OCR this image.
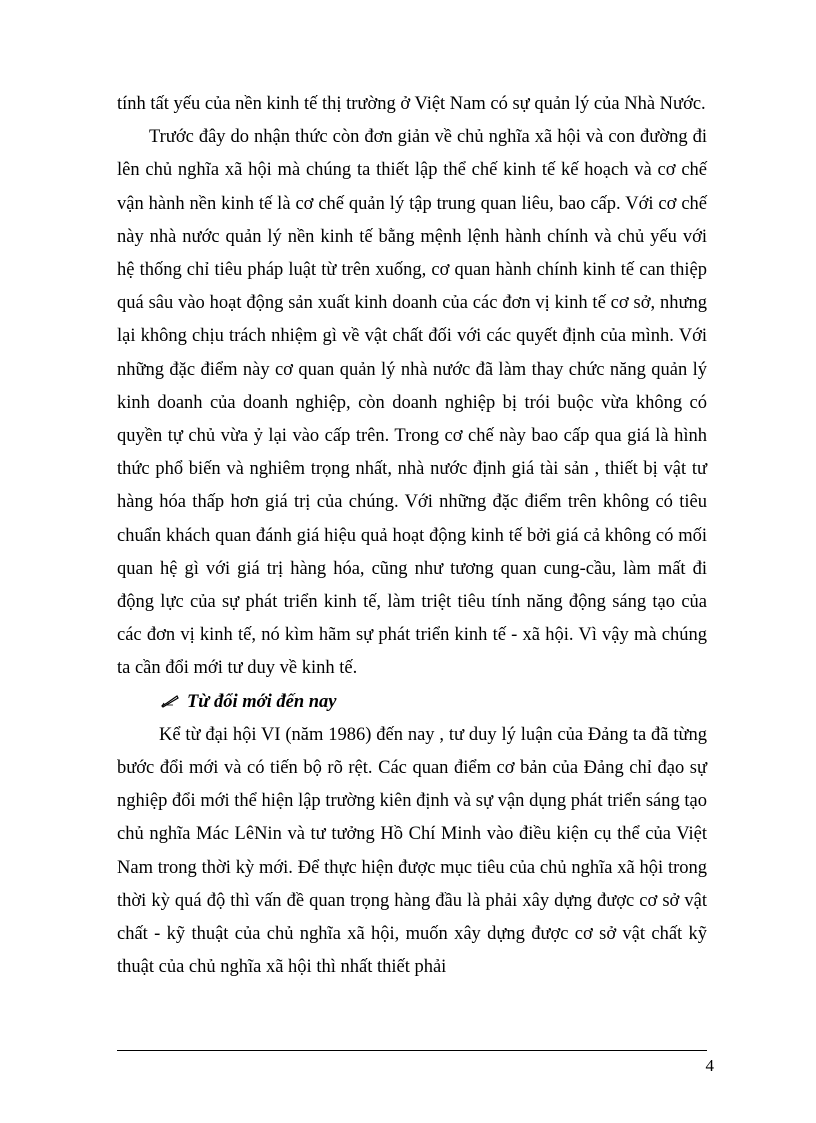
tính tất yếu của nền kinh tế thị trường ở Việt Nam có sự quản lý của Nhà Nước.

Trước đây do nhận thức còn đơn giản về chủ nghĩa xã hội và con đường đi lên chủ nghĩa xã hội mà chúng ta thiết lập thể chế kinh tế kế hoạch và cơ chế vận hành nền kinh tế là cơ chế quản lý tập trung quan liêu, bao cấp. Với cơ chế này nhà nước quản lý nền kinh tế bằng mệnh lệnh hành chính và chủ yếu với hệ thống chỉ tiêu pháp luật từ trên xuống, cơ quan hành chính kinh tế can thiệp quá sâu vào hoạt động sản xuất kinh doanh của các đơn vị kinh tế cơ sở, nhưng lại không chịu trách nhiệm gì về vật chất đối với các quyết định của mình. Với những đặc điểm này cơ quan quản lý nhà nước đã làm thay chức năng quản lý kinh doanh của doanh nghiệp, còn doanh nghiệp bị trói buộc vừa không có quyền tự chủ vừa ỷ lại vào cấp trên. Trong cơ chế này bao cấp qua giá là hình thức phổ biến và nghiêm trọng nhất, nhà nước định giá tài sản , thiết bị vật tư hàng hóa thấp hơn giá trị của chúng. Với những đặc điểm trên không có tiêu chuẩn khách quan đánh giá hiệu quả hoạt động kinh tế bởi giá cả không có mối quan hệ gì với giá trị hàng hóa, cũng như tương quan cung-cầu, làm mất đi động lực của sự phát triển kinh tế, làm triệt tiêu tính năng động sáng tạo của các đơn vị kinh tế, nó kìm hãm sự phát triển kinh tế - xã hội. Vì vậy mà chúng ta cần đổi mới tư duy về kinh tế.

Từ đổi mới đến nay

Kể từ đại hội VI (năm 1986) đến nay , tư duy lý luận của Đảng ta đã từng bước đổi mới và có tiến bộ rõ rệt. Các quan điểm cơ bản của Đảng chỉ đạo sự nghiệp đổi mới thể hiện lập trường kiên định và sự vận dụng phát triển sáng tạo chủ nghĩa Mác LêNin và tư tưởng Hồ Chí Minh vào điều kiện cụ thể của Việt Nam trong thời kỳ mới. Để thực hiện được mục tiêu của chủ nghĩa xã hội trong thời kỳ quá độ thì vấn đề quan trọng hàng đầu là phải xây dựng được cơ sở vật chất - kỹ thuật của chủ nghĩa xã hội, muốn xây dựng được cơ sở vật chất kỹ thuật của chủ nghĩa xã hội thì nhất thiết phải

4
